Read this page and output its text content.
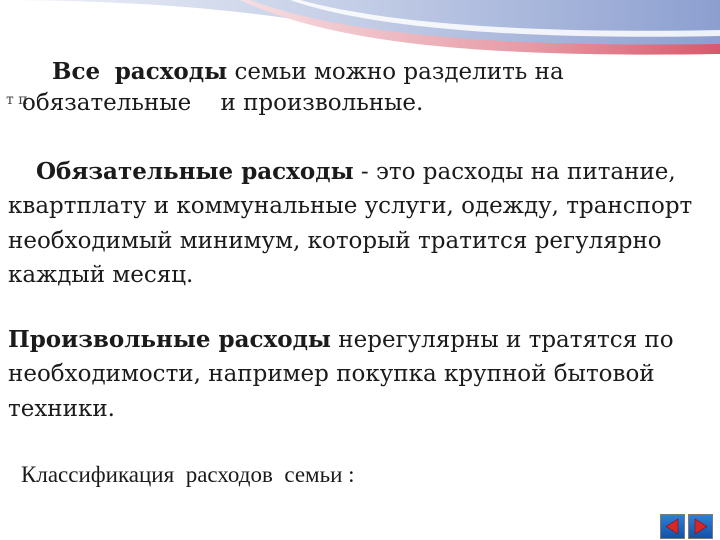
Все расходы семьи можно разделить на
т п
обязательные и произвольные.
Обязательные расходы - это расходы на питание,
квартплату и коммунальные услуги, одежду, транспорт
необходимый минимум, который тратится регулярно
каждый месяц.
Произвольные расходы нерегулярны и тратятся по
необходимости, например покупка крупной бытовой
техники.
Классификация  расходов  семьи :
